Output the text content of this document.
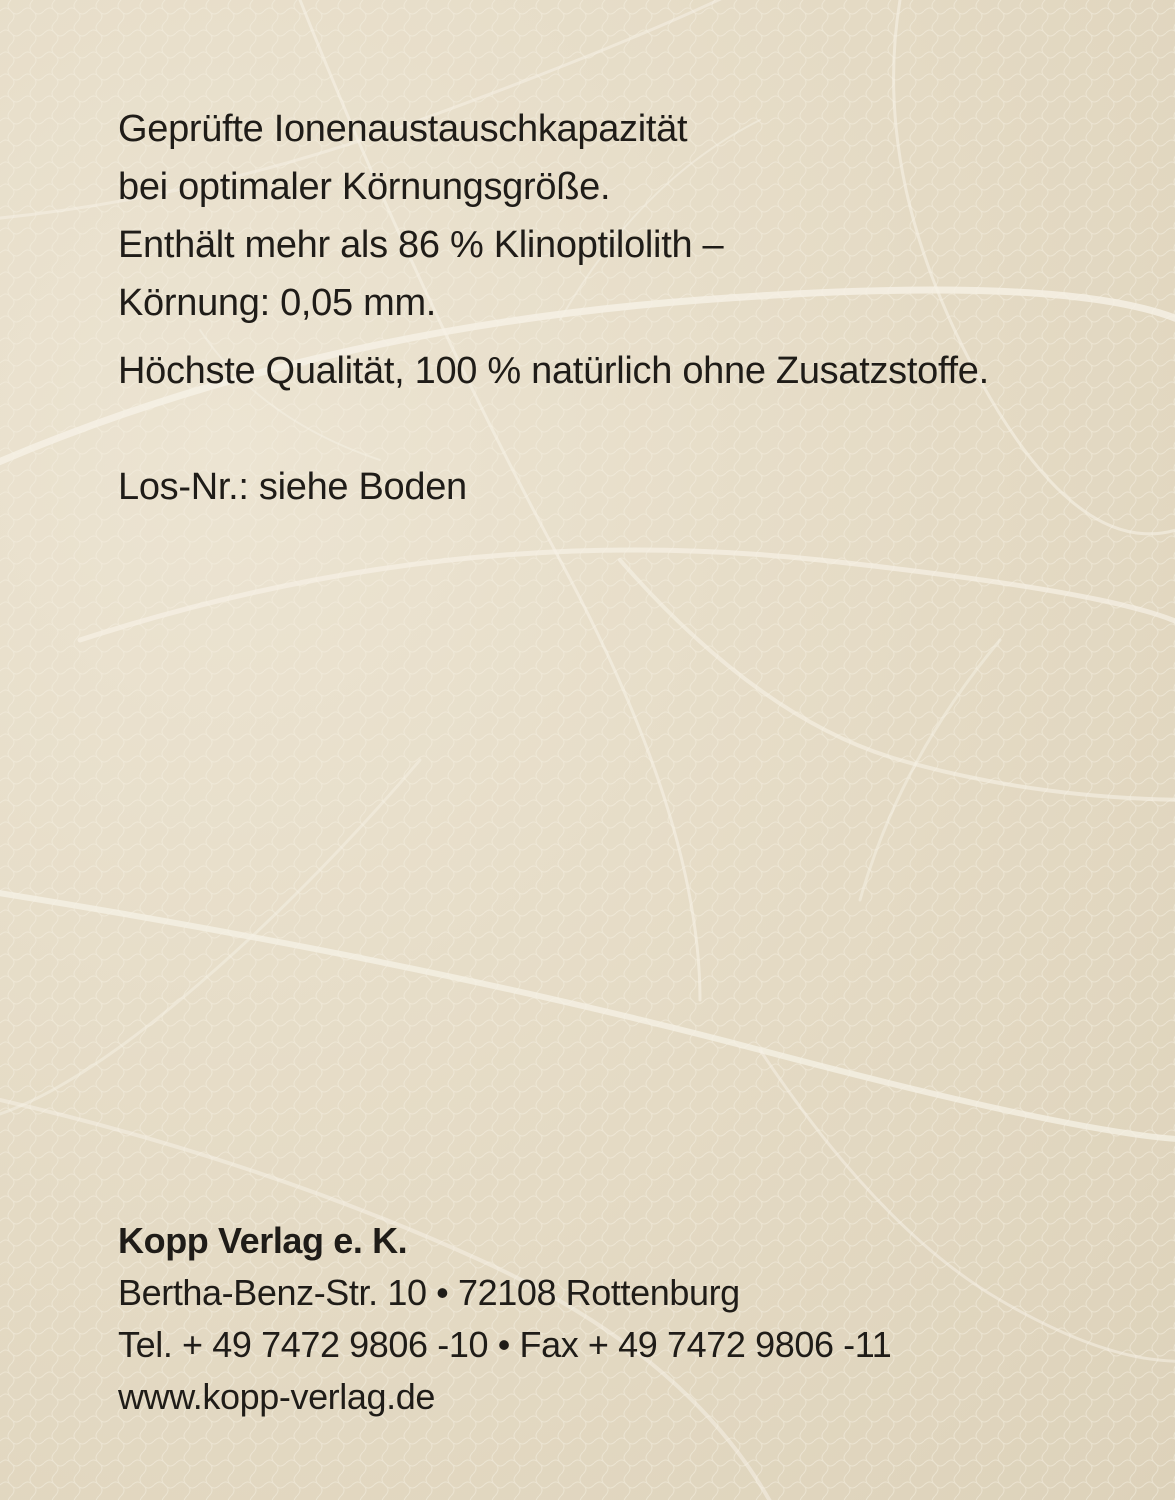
Geprüfte Ionenaustauschkapazität
bei optimaler Körnungsgröße.
Enthält mehr als 86 % Klinoptilolith –
Körnung: 0,05 mm.

Höchste Qualität, 100 % natürlich ohne Zusatzstoffe.

Los-Nr.: siehe Boden

Kopp Verlag e. K.
Bertha-Benz-Str. 10 • 72108 Rottenburg
Tel. + 49 7472 9806 -10 • Fax + 49 7472 9806 -11
www.kopp-verlag.de
